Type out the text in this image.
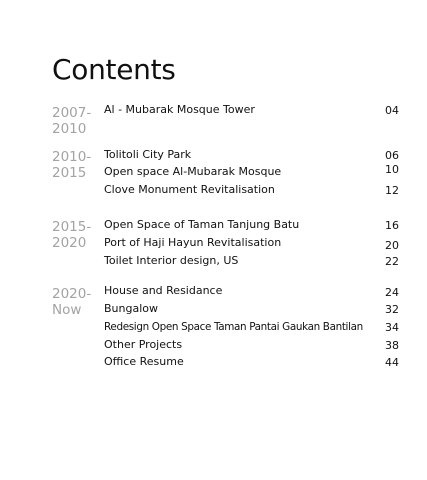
Contents
2007-
2010
Al - Mubarak Mosque Tower	04
2010-
2015
Tolitoli City Park	06
Open space Al-Mubarak Mosque	10
Clove Monument Revitalisation	12
2015-
2020
Open Space of Taman Tanjung Batu	16
Port of Haji Hayun Revitalisation	20
Toilet Interior design, US	22
2020-
Now
House and Residance	24
Bungalow	32
Redesign Open Space Taman Pantai Gaukan Bantilan 34
Other Projects	38
Office Resume	44
